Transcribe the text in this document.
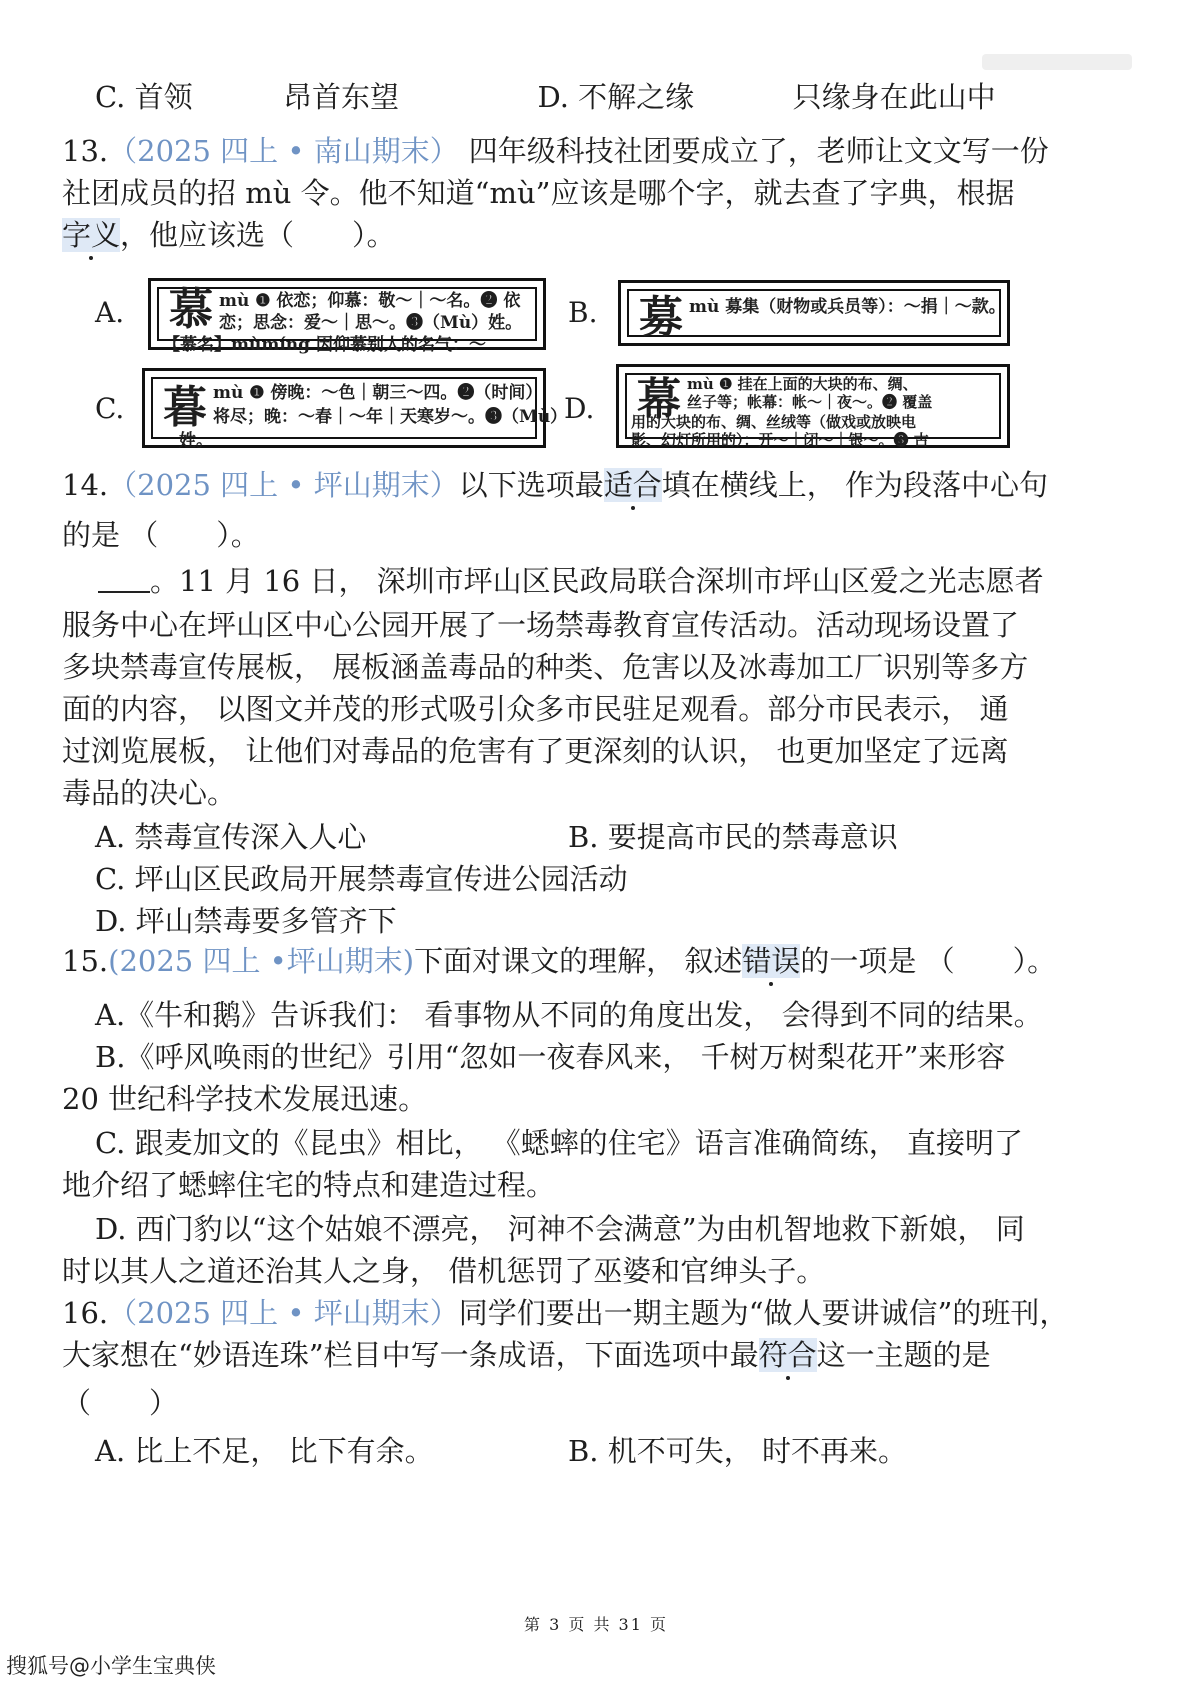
C. 首领	昂首东望	D. 不解之缘	只缘身在此山中
13.（2025 四上 • 南山期末） 四年级科技社团要成立了，老师让文文写一份
社团成员的招 mù 令。他不知道“mù”应该是哪个字，就去查了字典，根据
字义，他应该选（　　）。
A. 慕 mù ❶ 依恋；仰慕：敬～｜～名。❷ 依
恋；思念：爱～｜思～。❸（Mù）姓。
【慕名】mùmíng 因仰慕别人的名气：～
B. 募 mù 募集（财物或兵员等）：～捐｜～款。
C. 暮 mù ❶ 傍晚：～色｜朝三～四。❷（时间）
将尽；晚：～春｜～年｜天寒岁～。❸（Mù）
姓。
D. 幕 mù ❶ 挂在上面的大块的布、绸、
丝子等；帐幕：帐～｜夜～。❷ 覆盖
用的大块的布、绸、丝绒等（做戏或放映电
影、幻灯所用的）：开～｜闭～｜银～。❸ 古
14.（2025 四上 • 坪山期末）以下选项最适合填在横线上， 作为段落中心句
的是 （　　）。
。11 月 16 日， 深圳市坪山区民政局联合深圳市坪山区爱之光志愿者
服务中心在坪山区中心公园开展了一场禁毒教育宣传活动。活动现场设置了
多块禁毒宣传展板， 展板涵盖毒品的种类、危害以及冰毒加工厂识别等多方
面的内容， 以图文并茂的形式吸引众多市民驻足观看。部分市民表示， 通
过浏览展板， 让他们对毒品的危害有了更深刻的认识， 也更加坚定了远离
毒品的决心。
A. 禁毒宣传深入人心	B. 要提高市民的禁毒意识
C. 坪山区民政局开展禁毒宣传进公园活动
D. 坪山禁毒要多管齐下
15.(2025 四上 •坪山期末)下面对课文的理解， 叙述错误的一项是 （　　）。
A.《牛和鹅》告诉我们： 看事物从不同的角度出发， 会得到不同的结果。
B.《呼风唤雨的世纪》引用“忽如一夜春风来， 千树万树梨花开”来形容
20 世纪科学技术发展迅速。
C. 跟麦加文的《昆虫》相比， 《蟋蟀的住宅》语言准确简练， 直接明了
地介绍了蟋蟀住宅的特点和建造过程。
D. 西门豹以“这个姑娘不漂亮， 河神不会满意”为由机智地救下新娘， 同
时以其人之道还治其人之身， 借机惩罚了巫婆和官绅头子。
16.（2025 四上 • 坪山期末）同学们要出一期主题为“做人要讲诚信”的班刊，
大家想在“妙语连珠”栏目中写一条成语，下面选项中最符合这一主题的是
（　　）
A. 比上不足， 比下有余。	B. 机不可失， 时不再来。
第 3 页 共 31 页
搜狐号@小学生宝典侠
